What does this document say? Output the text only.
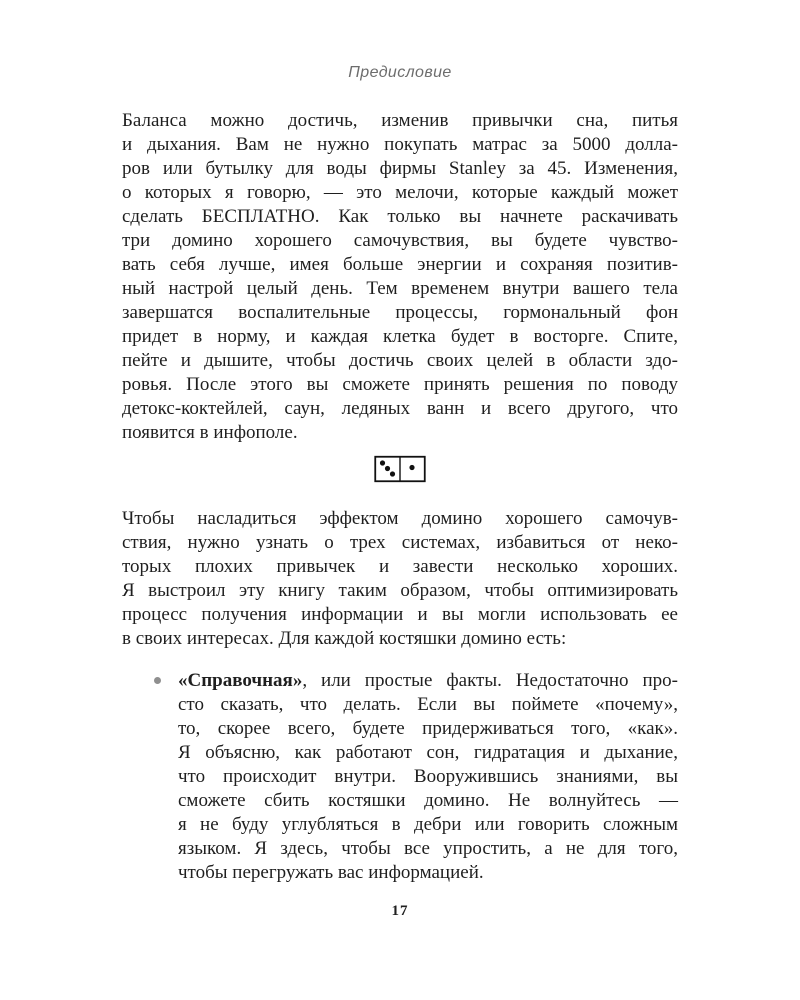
Предисловие
Баланса можно достичь, изменив привычки сна, питья
и дыхания. Вам не нужно покупать матрас за 5000 долла-
ров или бутылку для воды фирмы Stanley за 45. Изменения,
о которых я говорю, — это мелочи, которые каждый может
сделать БЕСПЛАТНО. Как только вы начнете раскачивать
три домино хорошего самочувствия, вы будете чувство-
вать себя лучше, имея больше энергии и сохраняя позитив-
ный настрой целый день. Тем временем внутри вашего тела
завершатся воспалительные процессы, гормональный фон
придет в норму, и каждая клетка будет в восторге. Спите,
пейте и дышите, чтобы достичь своих целей в области здо-
ровья. После этого вы сможете принять решения по поводу
детокс-коктейлей, саун, ледяных ванн и всего другого, что
появится в инфополе.
Чтобы насладиться эффектом домино хорошего самочув-
ствия, нужно узнать о трех системах, избавиться от неко-
торых плохих привычек и завести несколько хороших.
Я выстроил эту книгу таким образом, чтобы оптимизировать
процесс получения информации и вы могли использовать ее
в своих интересах. Для каждой костяшки домино есть:
«Справочная», или простые факты. Недостаточно про-
сто сказать, что делать. Если вы поймете «почему»,
то, скорее всего, будете придерживаться того, «как».
Я объясню, как работают сон, гидратация и дыхание,
что происходит внутри. Вооружившись знаниями, вы
сможете сбить костяшки домино. Не волнуйтесь —
я не буду углубляться в дебри или говорить сложным
языком. Я здесь, чтобы все упростить, а не для того,
чтобы перегружать вас информацией.
17
